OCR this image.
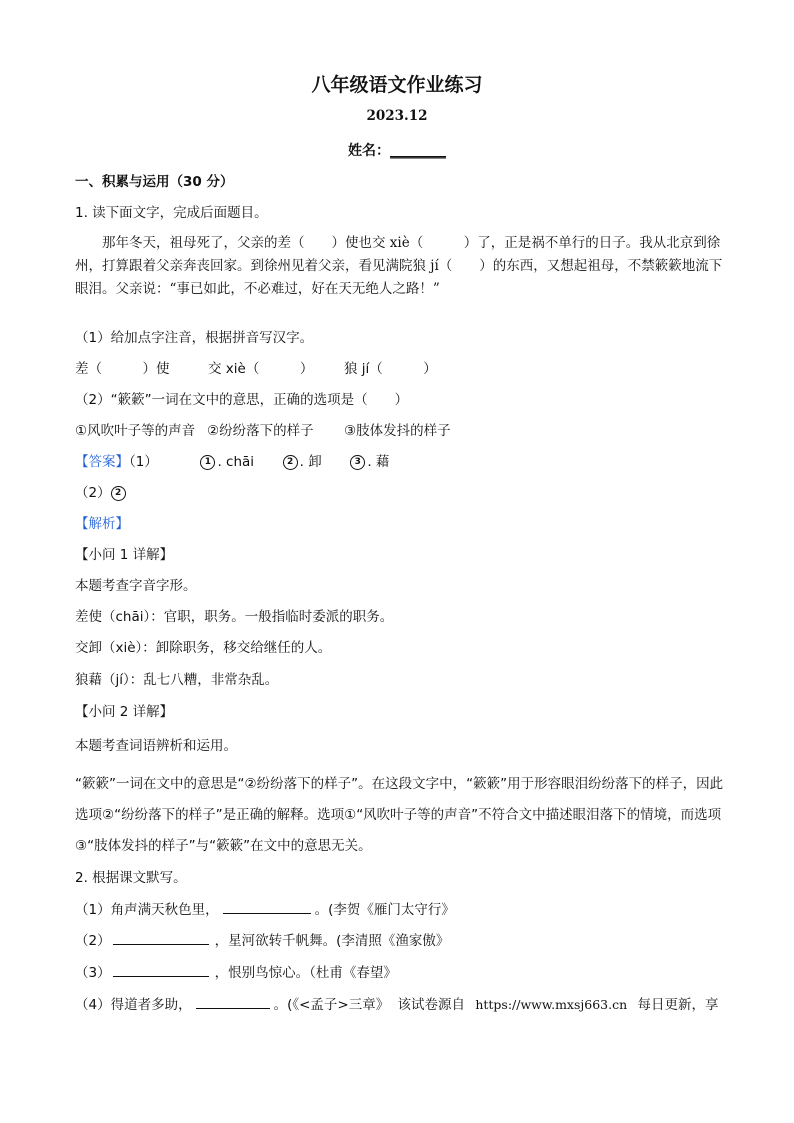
八年级语文作业练习
2023.12
姓名：________
一、积累与运用（30 分）
1. 读下面文字，完成后面题目。
那年冬天，祖母死了，父亲的差（　　）使也交 xiè（　　　）了，正是祸不单行的日子。我从北京到徐州，打算跟着父亲奔丧回家。到徐州见着父亲，看见满院狼 jí（　　）的东西，又想起祖母，不禁簌簌地流下眼泪。父亲说：“事已如此，不必难过，好在天无绝人之路！”
（1）给加点字注音，根据拼音写汉字。
差（　　　）使	交 xiè（　　　） 狼 jí（　　　）
（2）“簌簌”一词在文中的意思，正确的选项是（　　）
①风吹叶子等的声音 ②纷纷落下的样子 ③肢体发抖的样子
【答案】（1）	1 . chāi	2 . 卸	3 . 藉
（2） 2
【解析】
【小问 1 详解】
本题考查字音字形。
差使（chāi）：官职，职务。一般指临时委派的职务。
交卸（xiè）：卸除职务，移交给继任的人。
狼藉（jí）：乱七八糟，非常杂乱。
【小问 2 详解】
本题考查词语辨析和运用。
“簌簌”一词在文中的意思是“②纷纷落下的样子”。在这段文字中，“簌簌”用于形容眼泪纷纷落下的样子，因此选项②“纷纷落下的样子”是正确的解释。选项①“风吹叶子等的声音”不符合文中描述眼泪落下的情境，而选项③“肢体发抖的样子”与“簌簌”在文中的意思无关。
2. 根据课文默写。
（1）角声满天秋色里，	。(李贺《雁门太守行》
（2）	，星河欲转千帆舞。(李清照《渔家傲》
（3）	，恨别鸟惊心。（杜甫《春望》
（4）得道者多助，	。(《<孟子>三章》 该试卷源自 https://www.mxsj663.cn 每日更新，享
